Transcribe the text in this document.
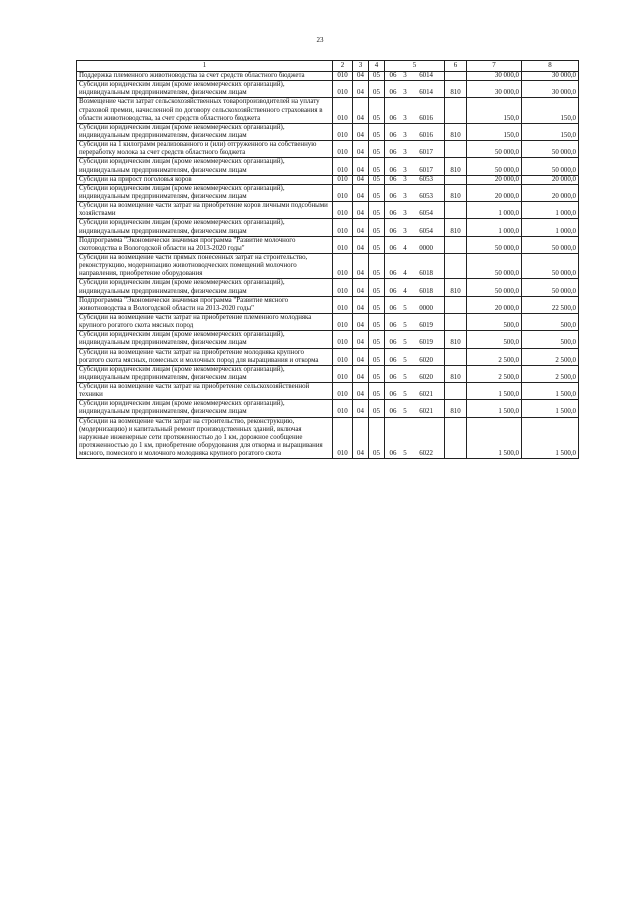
23
1	2	3	4	5	6	7	8
Поддержка племенного животноводства за счет средств областного бюджета	010	04	05	06 3 6014		30 000,0	30 000,0
Субсидии юридическим лицам (кроме некоммерческих организаций), индивидуальным предпринимателям, физическим лицам	010	04	05	06 3 6014	810	30 000,0	30 000,0
Возмещение части затрат сельскохозяйственных товаропроизводителей на уплату страховой премии, начисленной по договору сельскохозяйственного страхования в области животноводства, за счет средств областного бюджета	010	04	05	06 3 6016		150,0	150,0
Субсидии юридическим лицам (кроме некоммерческих организаций), индивидуальным предпринимателям, физическим лицам	010	04	05	06 3 6016	810	150,0	150,0
Субсидии на 1 килограмм реализованного и (или) отгруженного на собственную переработку молока за счет средств областного бюджета	010	04	05	06 3 6017		50 000,0	50 000,0
Субсидии юридическим лицам (кроме некоммерческих организаций), индивидуальным предпринимателям, физическим лицам	010	04	05	06 3 6017	810	50 000,0	50 000,0
Субсидии на прирост поголовья коров	010	04	05	06 3 6053		20 000,0	20 000,0
Субсидии юридическим лицам (кроме некоммерческих организаций), индивидуальным предпринимателям, физическим лицам	010	04	05	06 3 6053	810	20 000,0	20 000,0
Субсидии на возмещение части затрат на приобретение коров личными подсобными хозяйствами	010	04	05	06 3 6054		1 000,0	1 000,0
Субсидии юридическим лицам (кроме некоммерческих организаций), индивидуальным предпринимателям, физическим лицам	010	04	05	06 3 6054	810	1 000,0	1 000,0
Подпрограмма "Экономически значимая программа "Развитие молочного скотоводства в Вологодской области на 2013-2020 годы"	010	04	05	06 4 0000		50 000,0	50 000,0
Субсидии на возмещение части прямых понесенных затрат на строительство, реконструкцию, модернизацию животноводческих помещений молочного направления, приобретение оборудования	010	04	05	06 4 6018		50 000,0	50 000,0
Субсидии юридическим лицам (кроме некоммерческих организаций), индивидуальным предпринимателям, физическим лицам	010	04	05	06 4 6018	810	50 000,0	50 000,0
Подпрограмма "Экономически значимая программа "Развитие мясного животноводства в Вологодской области на 2013-2020 годы"	010	04	05	06 5 0000		20 000,0	22 500,0
Субсидии на возмещение части затрат на приобретение племенного молодняка крупного рогатого скота мясных пород	010	04	05	06 5 6019		500,0	500,0
Субсидии юридическим лицам (кроме некоммерческих организаций), индивидуальным предпринимателям, физическим лицам	010	04	05	06 5 6019	810	500,0	500,0
Субсидии на возмещение части затрат на приобретение молодняка крупного рогатого скота мясных, помесных и молочных пород для выращивания и откорма	010	04	05	06 5 6020		2 500,0	2 500,0
Субсидии юридическим лицам (кроме некоммерческих организаций), индивидуальным предпринимателям, физическим лицам	010	04	05	06 5 6020	810	2 500,0	2 500,0
Субсидии на возмещение части затрат на приобретение сельскохозяйственной техники	010	04	05	06 5 6021		1 500,0	1 500,0
Субсидии юридическим лицам (кроме некоммерческих организаций), индивидуальным предпринимателям, физическим лицам	010	04	05	06 5 6021	810	1 500,0	1 500,0
Субсидии на возмещение части затрат на строительство, реконструкцию, (модернизацию) и капитальный ремонт производственных зданий, включая наружные инженерные сети протяженностью до 1 км, дорожное сообщение протяженностью до 1 км, приобретение оборудования для откорма и выращивания мясного, помесного и молочного молодняка крупного рогатого скота	010	04	05	06 5 6022		1 500,0	1 500,0
